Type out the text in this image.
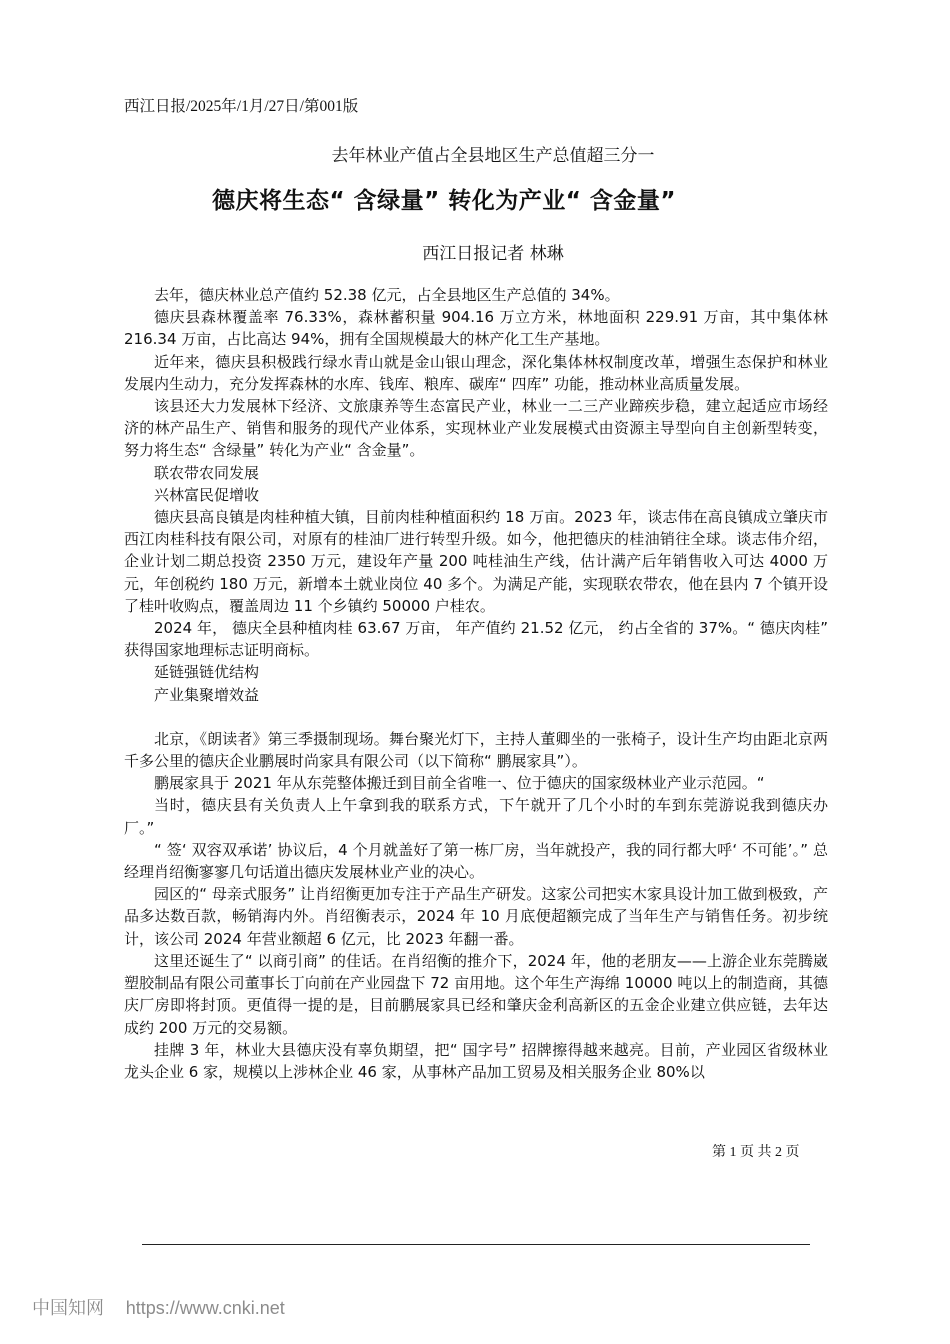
西江日报/2025年/1月/27日/第001版
去年林业产值占全县地区生产总值超三分一
德庆将生态“ 含绿量” 转化为产业“ 含金量”
西江日报记者 林琳

去年，德庆林业总产值约 52.38 亿元，占全县地区生产总值的 34%。

德庆县森林覆盖率 76.33%，森林蓄积量 904.16 万立方米，林地面积 229.91 万亩，其中集体林 216.34 万亩，占比高达 94%，拥有全国规模最大的林产化工生产基地。

近年来，德庆县积极践行绿水青山就是金山银山理念，深化集体林权制度改革，增强生态保护和林业发展内生动力，充分发挥森林的水库、钱库、粮库、碳库“ 四库” 功能，推动林业高质量发展。

该县还大力发展林下经济、文旅康养等生态富民产业，林业一二三产业蹄疾步稳，建立起适应市场经济的林产品生产、销售和服务的现代产业体系，实现林业产业发展模式由资源主导型向自主创新型转变，努力将生态“ 含绿量” 转化为产业“ 含金量”。

联农带农同发展

兴林富民促增收

德庆县高良镇是肉桂种植大镇，目前肉桂种植面积约 18 万亩。2023 年，谈志伟在高良镇成立肇庆市西江肉桂科技有限公司，对原有的桂油厂进行转型升级。如今，他把德庆的桂油销往全球。谈志伟介绍，企业计划二期总投资 2350 万元，建设年产量 200 吨桂油生产线，估计满产后年销售收入可达 4000 万元，年创税约 180 万元，新增本土就业岗位 40 多个。为满足产能，实现联农带农，他在县内 7 个镇开设了桂叶收购点，覆盖周边 11 个乡镇约 50000 户桂农。

2024 年， 德庆全县种植肉桂 63.67 万亩， 年产值约 21.52 亿元， 约占全省的 37%。“ 德庆肉桂” 获得国家地理标志证明商标。

延链强链优结构

产业集聚增效益

北京，《朗读者》第三季摄制现场。舞台聚光灯下，主持人董卿坐的一张椅子，设计生产均由距北京两千多公里的德庆企业鹏展时尚家具有限公司（以下简称“ 鹏展家具”）。

鹏展家具于 2021 年从东莞整体搬迁到目前全省唯一、位于德庆的国家级林业产业示范园。“

当时，德庆县有关负责人上午拿到我的联系方式，下午就开了几个小时的车到东莞游说我到德庆办厂。”

“ 签‘ 双容双承诺’ 协议后，4 个月就盖好了第一栋厂房，当年就投产，我的同行都大呼‘ 不可能’。” 总经理肖绍衡寥寥几句话道出德庆发展林业产业的决心。

园区的“ 母亲式服务” 让肖绍衡更加专注于产品生产研发。这家公司把实木家具设计加工做到极致，产品多达数百款，畅销海内外。肖绍衡表示，2024 年 10 月底便超额完成了当年生产与销售任务。初步统计，该公司 2024 年营业额超 6 亿元，比 2023 年翻一番。

这里还诞生了“ 以商引商” 的佳话。在肖绍衡的推介下，2024 年，他的老朋友——上游企业东莞腾崴塑胶制品有限公司董事长丁向前在产业园盘下 72 亩用地。这个年生产海绵 10000 吨以上的制造商，其德庆厂房即将封顶。更值得一提的是，目前鹏展家具已经和肇庆金利高新区的五金企业建立供应链，去年达成约 200 万元的交易额。

挂牌 3 年，林业大县德庆没有辜负期望，把“ 国字号” 招牌擦得越来越亮。目前，产业园区省级林业龙头企业 6 家，规模以上涉林企业 46 家，从事林产品加工贸易及相关服务企业 80%以

第 1 页 共 2 页
中国知网 https://www.cnki.net
